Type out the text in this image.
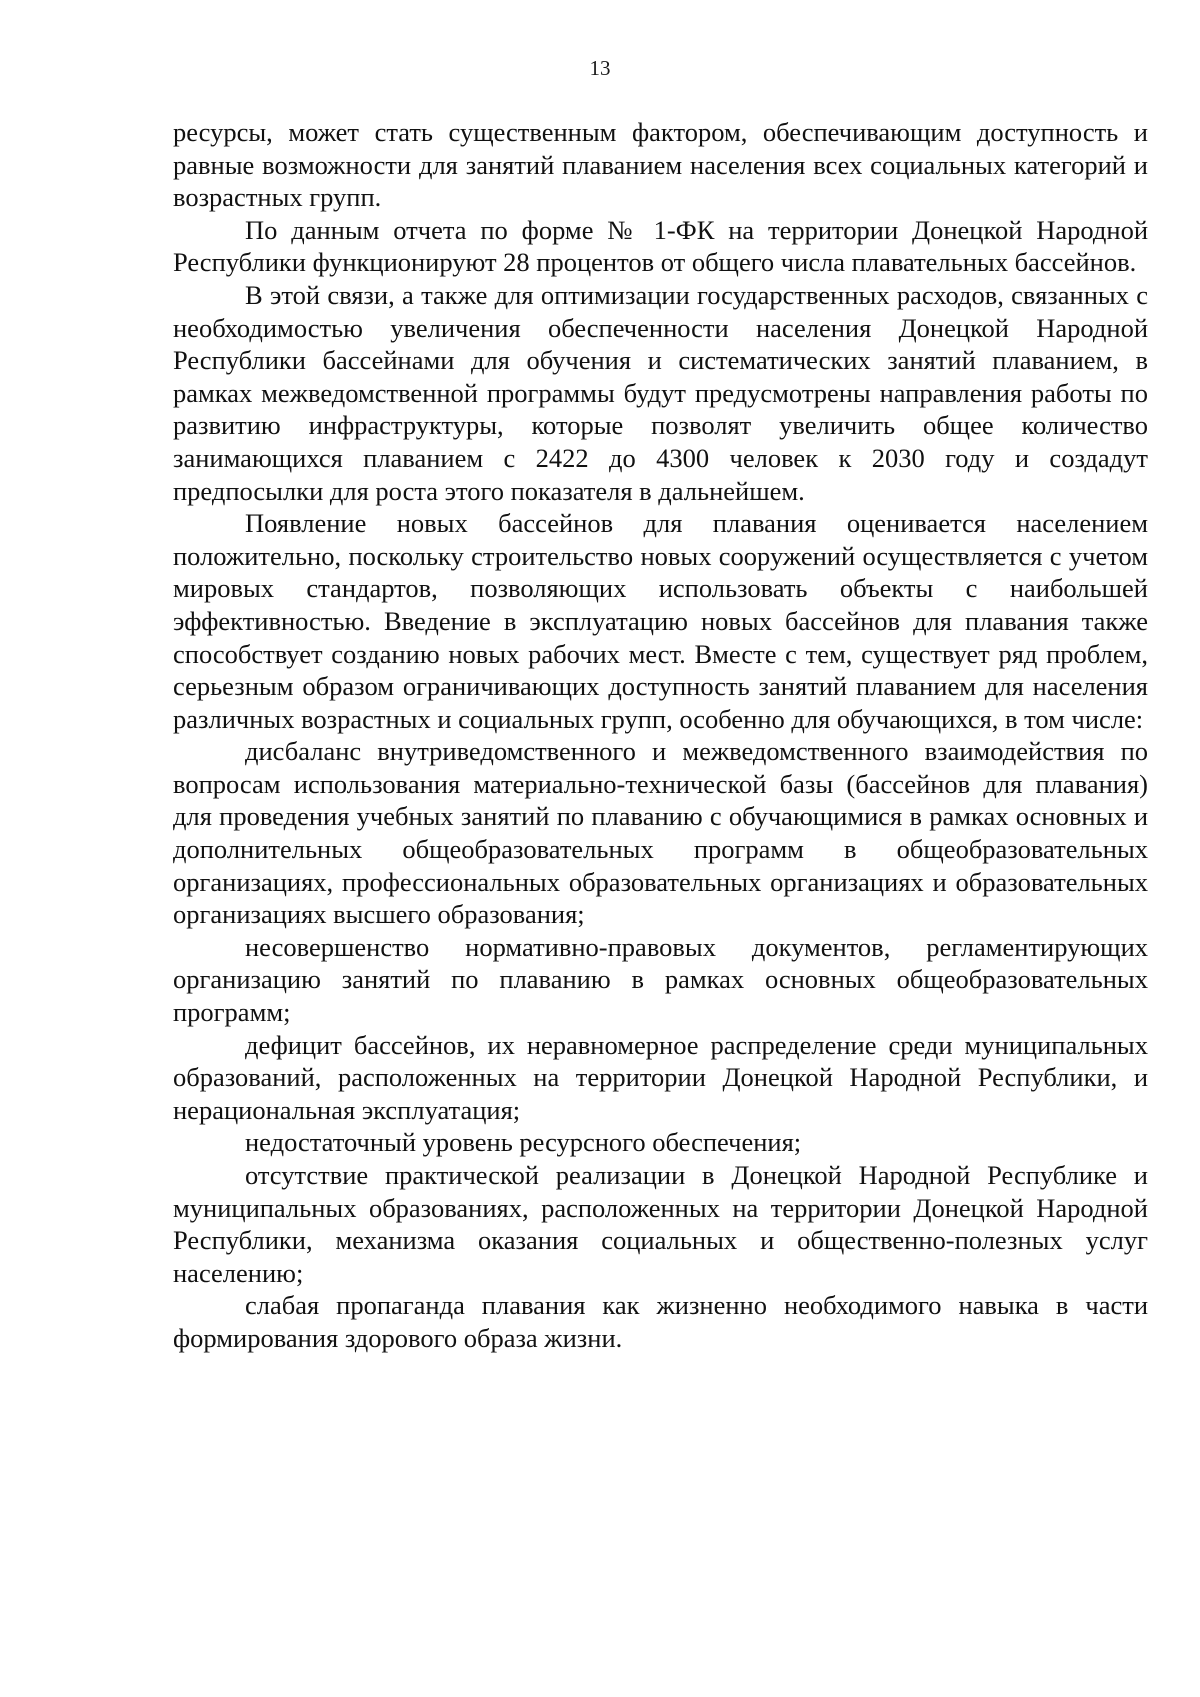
13

ресурсы, может стать существенным фактором, обеспечивающим доступность и равные возможности для занятий плаванием населения всех социальных категорий и возрастных групп.

По данным отчета по форме № 1-ФК на территории Донецкой Народной Республики функционируют 28 процентов от общего числа плавательных бассейнов.

В этой связи, а также для оптимизации государственных расходов, связанных с необходимостью увеличения обеспеченности населения Донецкой Народной Республики бассейнами для обучения и систематических занятий плаванием, в рамках межведомственной программы будут предусмотрены направления работы по развитию инфраструктуры, которые позволят увеличить общее количество занимающихся плаванием с 2422 до 4300 человек к 2030 году и создадут предпосылки для роста этого показателя в дальнейшем.

Появление новых бассейнов для плавания оценивается населением положительно, поскольку строительство новых сооружений осуществляется с учетом мировых стандартов, позволяющих использовать объекты с наибольшей эффективностью. Введение в эксплуатацию новых бассейнов для плавания также способствует созданию новых рабочих мест. Вместе с тем, существует ряд проблем, серьезным образом ограничивающих доступность занятий плаванием для населения различных возрастных и социальных групп, особенно для обучающихся, в том числе:

дисбаланс внутриведомственного и межведомственного взаимодействия по вопросам использования материально-технической базы (бассейнов для плавания) для проведения учебных занятий по плаванию с обучающимися в рамках основных и дополнительных общеобразовательных программ в общеобразовательных организациях, профессиональных образовательных организациях и образовательных организациях высшего образования;

несовершенство нормативно-правовых документов, регламентирующих организацию занятий по плаванию в рамках основных общеобразовательных программ;

дефицит бассейнов, их неравномерное распределение среди муниципальных образований, расположенных на территории Донецкой Народной Республики, и нерациональная эксплуатация;

недостаточный уровень ресурсного обеспечения;

отсутствие практической реализации в Донецкой Народной Республике и муниципальных образованиях, расположенных на территории Донецкой Народной Республики, механизма оказания социальных и общественно-полезных услуг населению;

слабая пропаганда плавания как жизненно необходимого навыка в части формирования здорового образа жизни.
